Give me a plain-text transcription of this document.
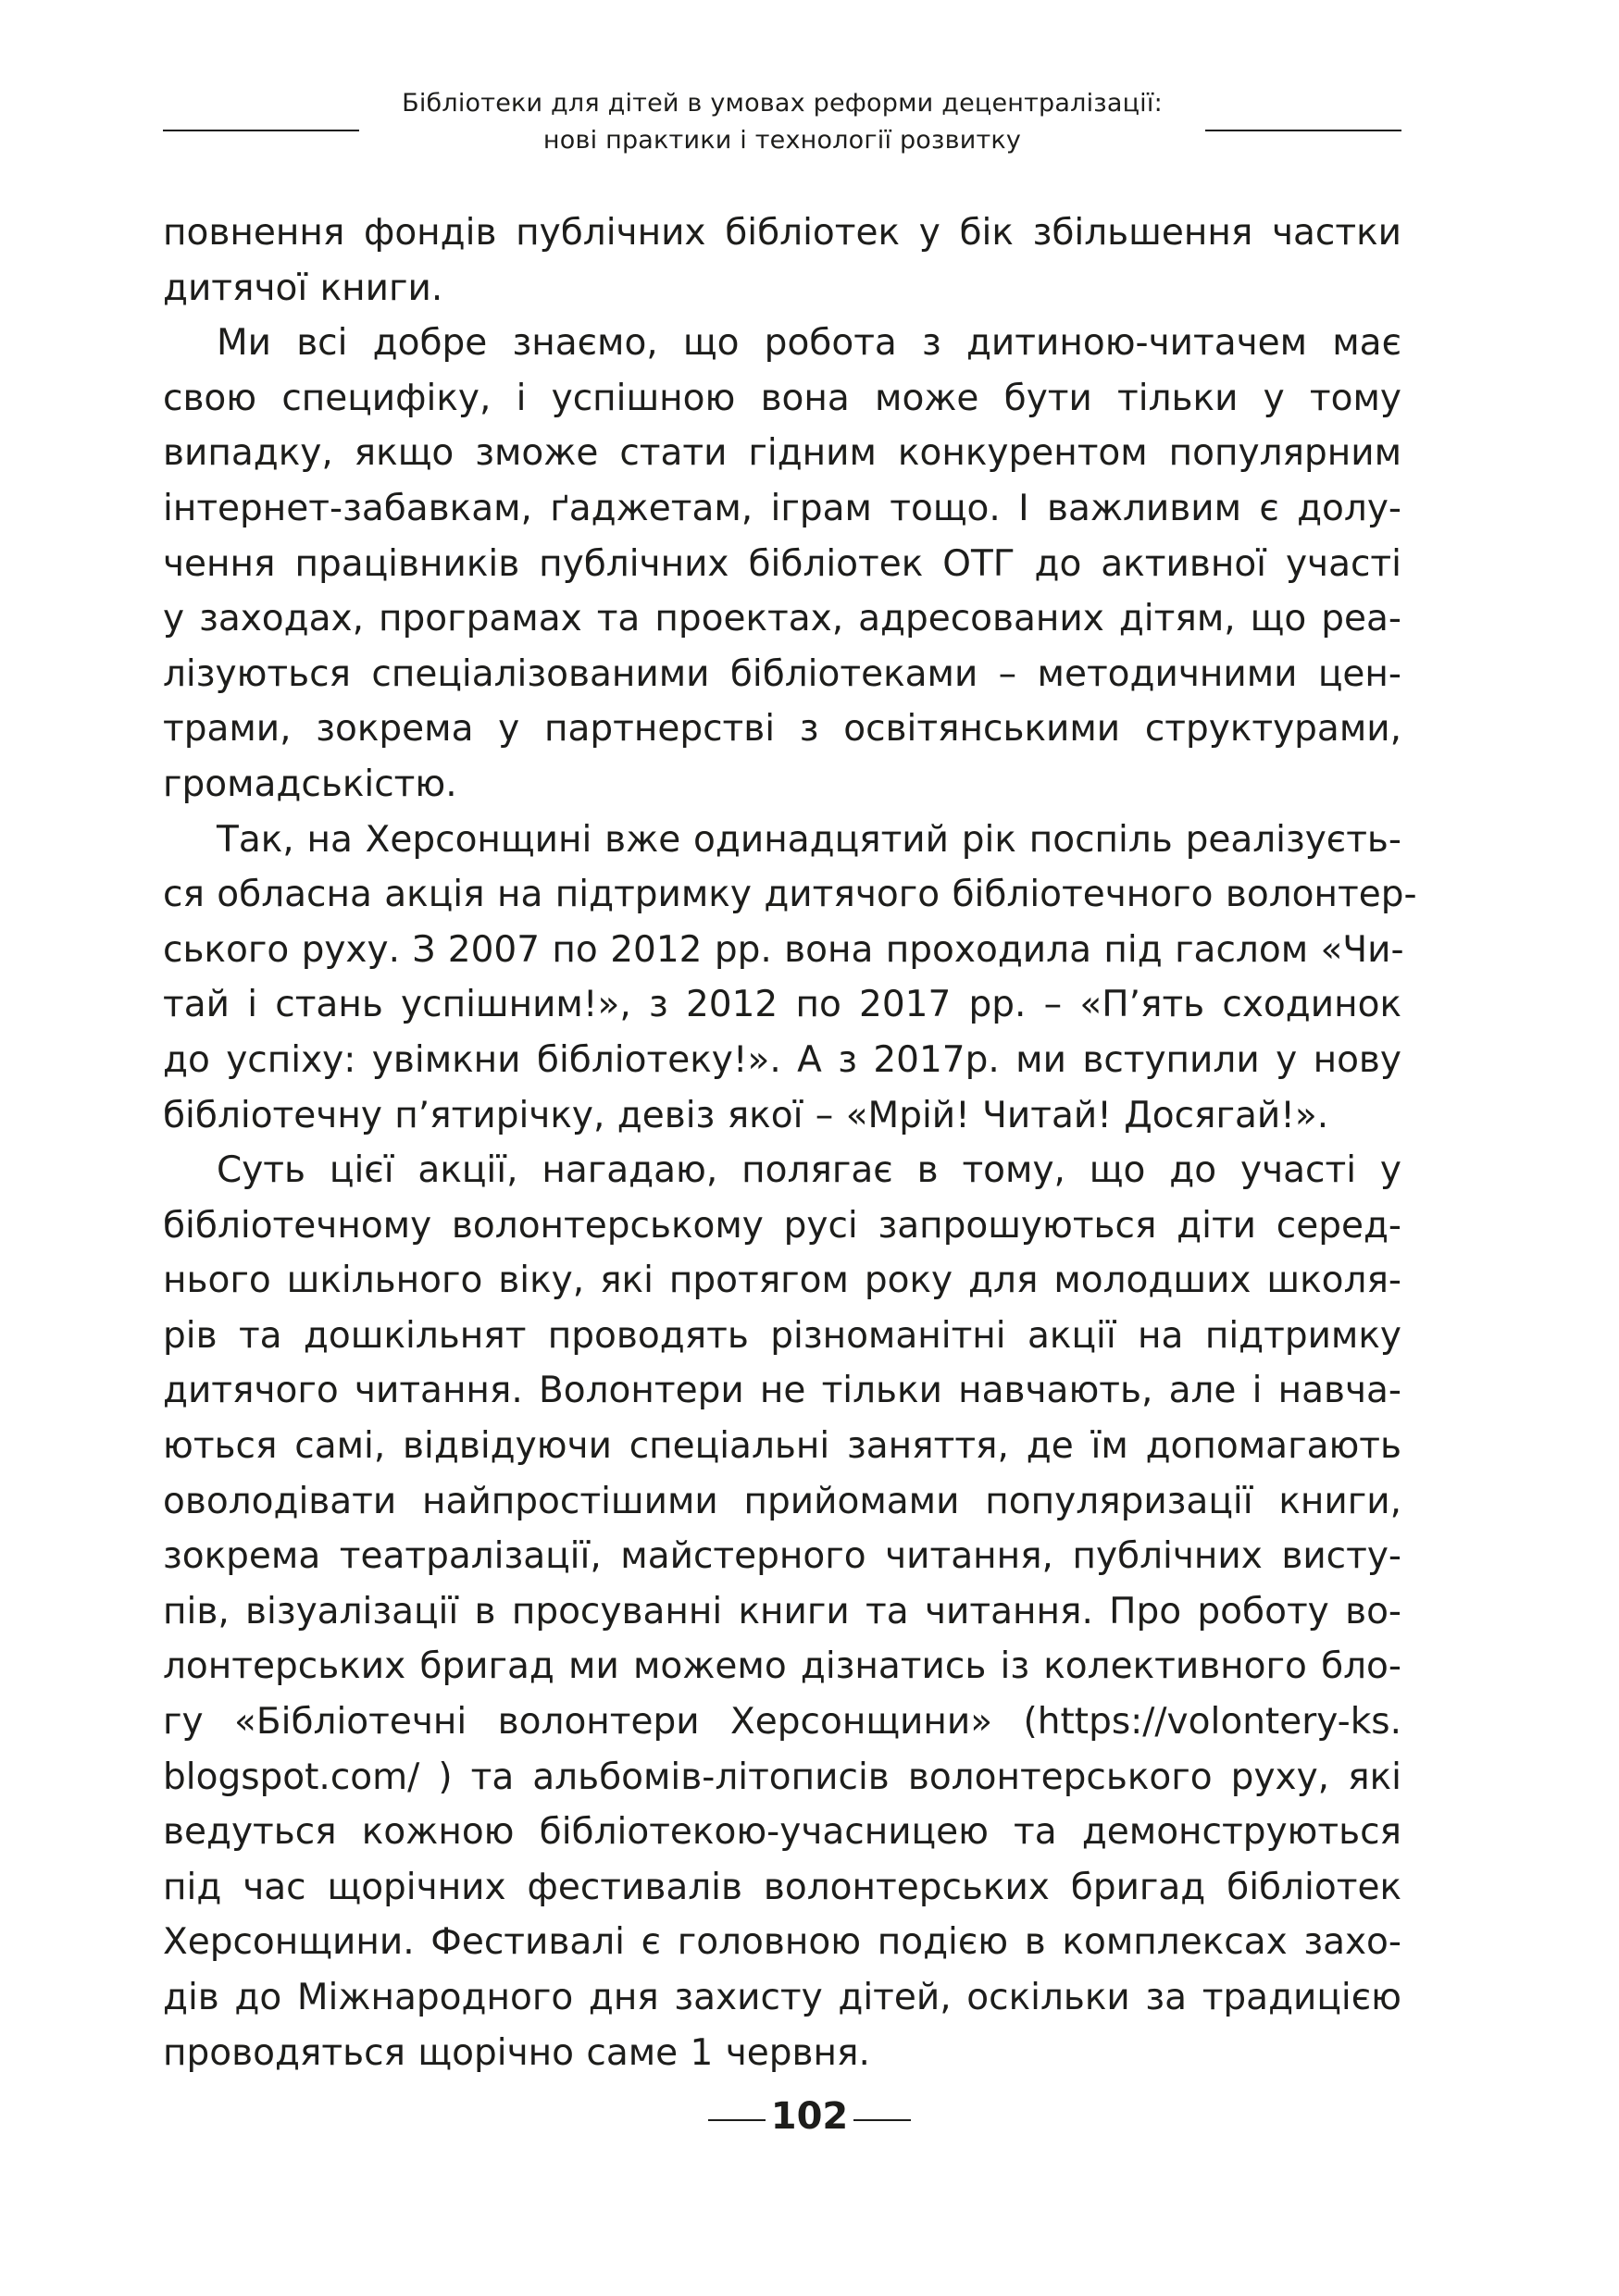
Бібліотеки для дітей в умовах реформи децентралізації:
нові практики і технології розвитку
повнення фондів публічних бібліотек у бік збільшення частки
дитячої книги.
Ми всі добре знаємо, що робота з дитиною-читачем має
свою специфіку, і успішною вона може бути тільки у тому
випадку, якщо зможе стати гідним конкурентом популярним
інтернет-забавкам, ґаджетам, іграм тощо. І важливим є долу-
чення працівників публічних бібліотек ОТГ до активної участі
у заходах, програмах та проектах, адресованих дітям, що реа-
лізуються спеціалізованими бібліотеками – методичними цен-
трами, зокрема у партнерстві з освітянськими структурами,
громадськістю.
Так, на Херсонщині вже одинадцятий рік поспіль реалізуєть-
ся обласна акція на підтримку дитячого бібліотечного волонтер-
ського руху. З 2007 по 2012 рр. вона проходила під гаслом «Чи-
тай і стань успішним!», з 2012 по 2017 рр. – «П’ять сходинок
до успіху: увімкни бібліотеку!». А з 2017р. ми вступили у нову
бібліотечну п’ятирічку, девіз якої – «Мрій! Читай! Досягай!».
Суть цієї акції, нагадаю, полягає в тому, що до участі у
бібліотечному волонтерському русі запрошуються діти серед-
нього шкільного віку, які протягом року для молодших школя-
рів та дошкільнят проводять різноманітні акції на підтримку
дитячого читання. Волонтери не тільки навчають, але і навча-
ються самі, відвідуючи спеціальні заняття, де їм допомагають
оволодівати найпростішими прийомами популяризації книги,
зокрема театралізації, майстерного читання, публічних висту-
пів, візуалізації в просуванні книги та читання. Про роботу во-
лонтерських бригад ми можемо дізнатись із колективного бло-
гу «Бібліотечні волонтери Херсонщини» (https://volontery-ks.
blogspot.com/ ) та альбомів-літописів волонтерського руху, які
ведуться кожною бібліотекою-учасницею та демонструються
під час щорічних фестивалів волонтерських бригад бібліотек
Херсонщини. Фестивалі є головною подією в комплексах захо-
дів до Міжнародного дня захисту дітей, оскільки за традицією
проводяться щорічно саме 1 червня.
102
